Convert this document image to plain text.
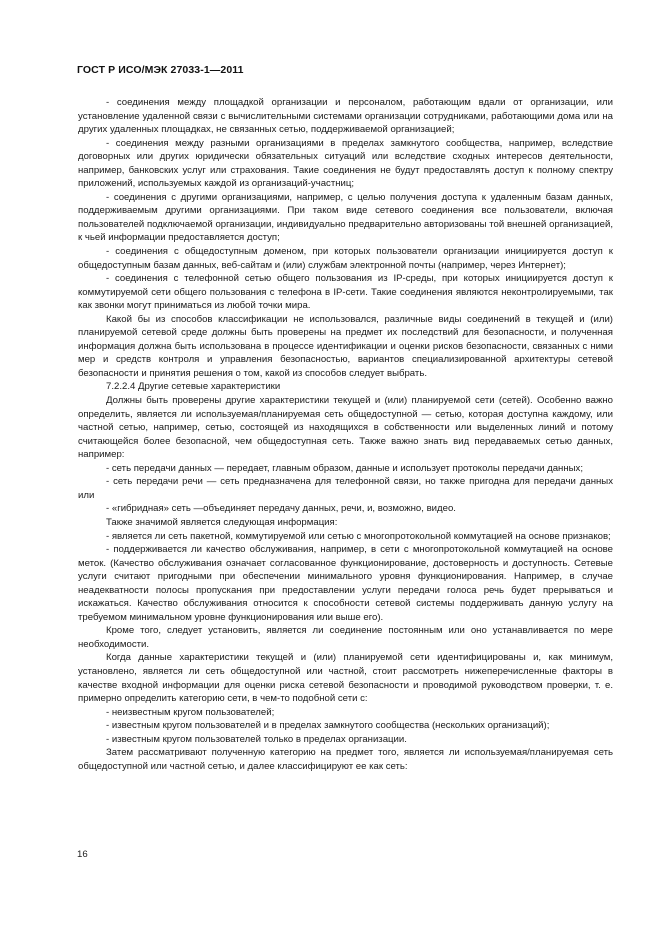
ГОСТ Р ИСО/МЭК 27033-1—2011

- соединения между площадкой организации и персоналом, работающим вдали от организации, или установление удаленной связи с вычислительными системами организации сотрудниками, работающими дома или на других удаленных площадках, не связанных сетью, поддерживаемой организацией;

- соединения между разными организациями в пределах замкнутого сообщества, например, вследствие договорных или других юридически обязательных ситуаций или вследствие сходных интересов деятельности, например, банковских услуг или страхования. Такие соединения не будут предоставлять доступ к полному спектру приложений, используемых каждой из организаций-участниц;

- соединения с другими организациями, например, с целью получения доступа к удаленным базам данных, поддерживаемым другими организациями. При таком виде сетевого соединения все пользователи, включая пользователей подключаемой организации, индивидуально предварительно авторизованы той внешней организацией, к чьей информации предоставляется доступ;

- соединения с общедоступным доменом, при которых пользователи организации инициируется доступ к общедоступным базам данных, веб-сайтам и (или) службам электронной почты (например, через Интернет);

- соединения с телефонной сетью общего пользования из IP-среды, при которых инициируется доступ к коммутируемой сети общего пользования с телефона в IP-сети. Такие соединения являются неконтролируемыми, так как звонки могут приниматься из любой точки мира.

Какой бы из способов классификации не использовался, различные виды соединений в текущей и (или) планируемой сетевой среде должны быть проверены на предмет их последствий для безопасности, и полученная информация должна быть использована в процессе идентификации и оценки рисков безопасности, связанных с ними мер и средств контроля и управления безопасностью, вариантов специализированной архитектуры сетевой безопасности и принятия решения о том, какой из способов следует выбрать.

7.2.2.4 Другие сетевые характеристики

Должны быть проверены другие характеристики текущей и (или) планируемой сети (сетей). Особенно важно определить, является ли используемая/планируемая сеть общедоступной — сетью, которая доступна каждому, или частной сетью, например, сетью, состоящей из находящихся в собственности или выделенных линий и потому считающейся более безопасной, чем общедоступная сеть. Также важно знать вид передаваемых сетью данных, например:

- сеть передачи данных — передает, главным образом, данные и использует протоколы передачи данных;

- сеть передачи речи — сеть предназначена для телефонной связи, но также пригодна для передачи данных или

- «гибридная» сеть —объединяет передачу данных, речи, и, возможно, видео.

Также значимой является следующая информация:

- является ли сеть пакетной, коммутируемой или сетью с многопротокольной коммутацией на основе признаков;

- поддерживается ли качество обслуживания, например, в сети с многопротокольной коммутацией на основе меток. (Качество обслуживания означает согласованное функционирование, достоверность и доступность. Сетевые услуги считают пригодными при обеспечении минимального уровня функционирования. Например, в случае неадекватности полосы пропускания при предоставлении услуги передачи голоса речь будет прерываться и искажаться. Качество обслуживания относится к способности сетевой системы поддерживать данную услугу на требуемом минимальном уровне функционирования или выше его).

Кроме того, следует установить, является ли соединение постоянным или оно устанавливается по мере необходимости.

Когда данные характеристики текущей и (или) планируемой сети идентифицированы и, как минимум, установлено, является ли сеть общедоступной или частной, стоит рассмотреть нижеперечисленные факторы в качестве входной информации для оценки риска сетевой безопасности и проводимой руководством проверки, т. е. примерно определить категорию сети, в чем-то подобной сети с:

- неизвестным кругом пользователей;

- известным кругом пользователей и в пределах замкнутого сообщества (нескольких организаций);

- известным кругом пользователей только в пределах организации.

Затем рассматривают полученную категорию на предмет того, является ли используемая/планируемая сеть общедоступной или частной сетью, и далее классифицируют ее как сеть:

16
